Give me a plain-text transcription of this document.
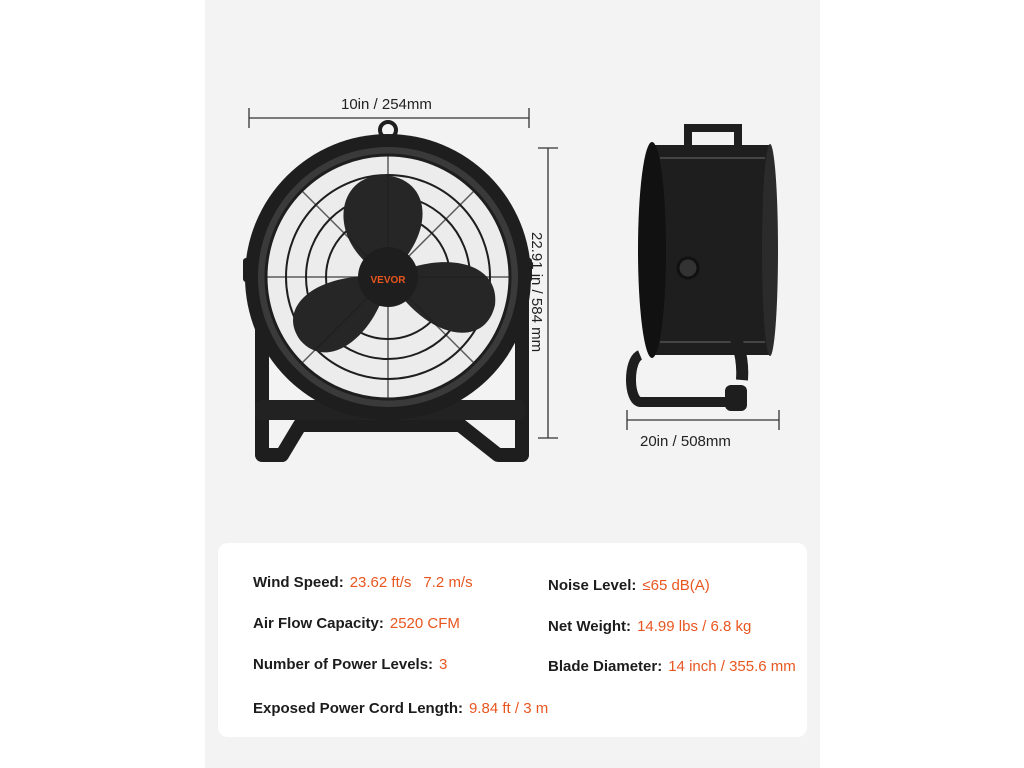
VEVOR
10in / 254mm
22.91 in / 584 mm
20in / 508mm
Wind Speed: 23.62 ft/s 7.2 m/s
Air Flow Capacity: 2520 CFM
Number of Power Levels: 3
Exposed Power Cord Length: 9.84 ft / 3 m
Noise Level: ≤65 dB(A)
Net Weight: 14.99 lbs / 6.8 kg
Blade Diameter: 14 inch / 355.6 mm
